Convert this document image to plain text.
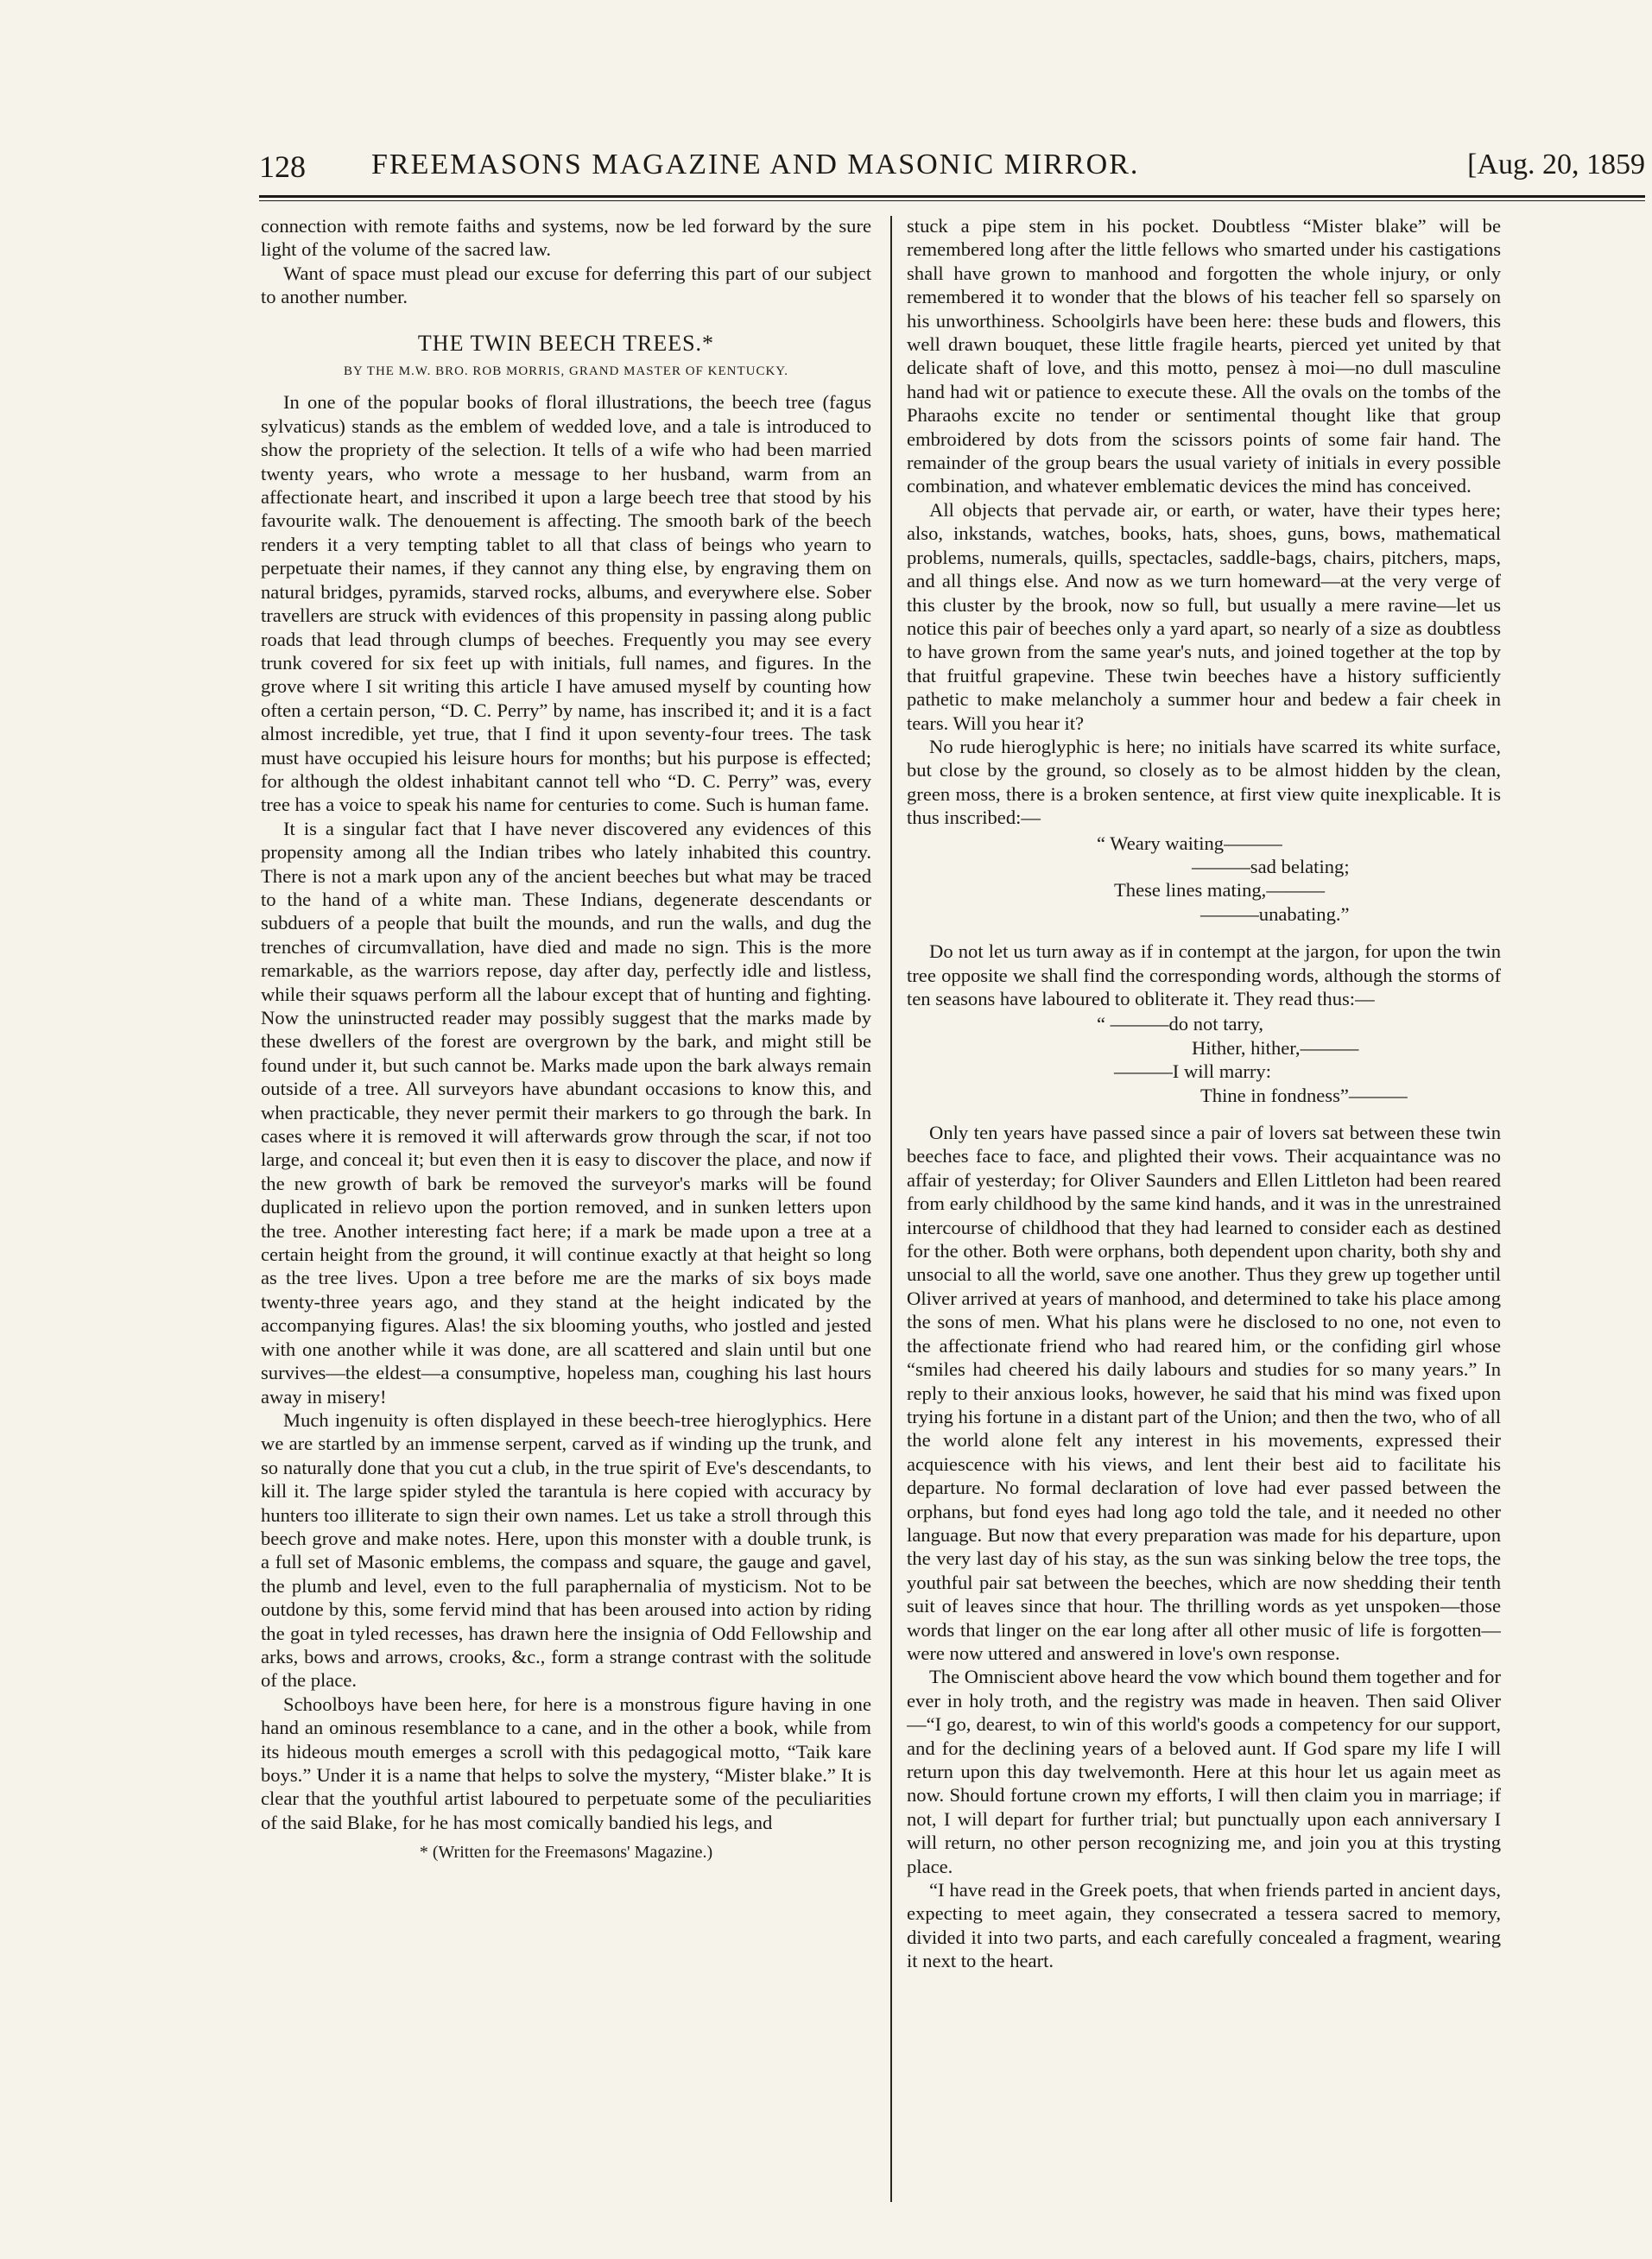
128 FREEMASONS MAGAZINE AND MASONIC MIRROR.	[Aug. 20, 1859

connection with remote faiths and systems, now be led forward by the sure light of the volume of the sacred law.

Want of space must plead our excuse for deferring this part of our subject to another number.

THE TWIN BEECH TREES.*
BY THE M.W. BRO. ROB MORRIS, GRAND MASTER OF KENTUCKY.

In one of the popular books of floral illustrations, the beech tree (fagus sylvaticus) stands as the emblem of wedded love, and a tale is introduced to show the propriety of the selection. It tells of a wife who had been married twenty years, who wrote a message to her husband, warm from an affectionate heart, and inscribed it upon a large beech tree that stood by his favourite walk. The denouement is affecting. The smooth bark of the beech renders it a very tempting tablet to all that class of beings who yearn to perpetuate their names, if they cannot any thing else, by engraving them on natural bridges, pyramids, starved rocks, albums, and everywhere else. Sober travellers are struck with evidences of this propensity in passing along public roads that lead through clumps of beeches. Frequently you may see every trunk covered for six feet up with initials, full names, and figures. In the grove where I sit writing this article I have amused myself by counting how often a certain person, “D. C. Perry” by name, has inscribed it; and it is a fact almost incredible, yet true, that I find it upon seventy-four trees. The task must have occupied his leisure hours for months; but his purpose is effected; for although the oldest inhabitant cannot tell who “D. C. Perry” was, every tree has a voice to speak his name for centuries to come. Such is human fame.

It is a singular fact that I have never discovered any evidences of this propensity among all the Indian tribes who lately inhabited this country. There is not a mark upon any of the ancient beeches but what may be traced to the hand of a white man. These Indians, degenerate descendants or subduers of a people that built the mounds, and run the walls, and dug the trenches of circumvallation, have died and made no sign. This is the more remarkable, as the warriors repose, day after day, perfectly idle and listless, while their squaws perform all the labour except that of hunting and fighting. Now the uninstructed reader may possibly suggest that the marks made by these dwellers of the forest are overgrown by the bark, and might still be found under it, but such cannot be. Marks made upon the bark always remain outside of a tree. All surveyors have abundant occasions to know this, and when practicable, they never permit their markers to go through the bark. In cases where it is removed it will afterwards grow through the scar, if not too large, and conceal it; but even then it is easy to discover the place, and now if the new growth of bark be removed the surveyor's marks will be found duplicated in relievo upon the portion removed, and in sunken letters upon the tree. Another interesting fact here; if a mark be made upon a tree at a certain height from the ground, it will continue exactly at that height so long as the tree lives. Upon a tree before me are the marks of six boys made twenty-three years ago, and they stand at the height indicated by the accompanying figures. Alas! the six blooming youths, who jostled and jested with one another while it was done, are all scattered and slain until but one survives—the eldest—a consumptive, hopeless man, coughing his last hours away in misery!

Much ingenuity is often displayed in these beech-tree hieroglyphics. Here we are startled by an immense serpent, carved as if winding up the trunk, and so naturally done that you cut a club, in the true spirit of Eve's descendants, to kill it. The large spider styled the tarantula is here copied with accuracy by hunters too illiterate to sign their own names. Let us take a stroll through this beech grove and make notes. Here, upon this monster with a double trunk, is a full set of Masonic emblems, the compass and square, the gauge and gavel, the plumb and level, even to the full paraphernalia of mysticism. Not to be outdone by this, some fervid mind that has been aroused into action by riding the goat in tyled recesses, has drawn here the insignia of Odd Fellowship and arks, bows and arrows, crooks, &c., form a strange contrast with the solitude of the place.

Schoolboys have been here, for here is a monstrous figure having in one hand an ominous resemblance to a cane, and in the other a book, while from its hideous mouth emerges a scroll with this pedagogical motto, “Taik kare boys.” Under it is a name that helps to solve the mystery, “Mister blake.” It is clear that the youthful artist laboured to perpetuate some of the peculiarities of the said Blake, for he has most comically bandied his legs, and

* (Written for the Freemasons' Magazine.)

stuck a pipe stem in his pocket. Doubtless “Mister blake” will be remembered long after the little fellows who smarted under his castigations shall have grown to manhood and forgotten the whole injury, or only remembered it to wonder that the blows of his teacher fell so sparsely on his unworthiness. Schoolgirls have been here: these buds and flowers, this well drawn bouquet, these little fragile hearts, pierced yet united by that delicate shaft of love, and this motto, pensez à moi—no dull masculine hand had wit or patience to execute these. All the ovals on the tombs of the Pharaohs excite no tender or sentimental thought like that group embroidered by dots from the scissors points of some fair hand. The remainder of the group bears the usual variety of initials in every possible combination, and whatever emblematic devices the mind has conceived.

All objects that pervade air, or earth, or water, have their types here; also, inkstands, watches, books, hats, shoes, guns, bows, mathematical problems, numerals, quills, spectacles, saddle-bags, chairs, pitchers, maps, and all things else. And now as we turn homeward—at the very verge of this cluster by the brook, now so full, but usually a mere ravine—let us notice this pair of beeches only a yard apart, so nearly of a size as doubtless to have grown from the same year's nuts, and joined together at the top by that fruitful grapevine. These twin beeches have a history sufficiently pathetic to make melancholy a summer hour and bedew a fair cheek in tears. Will you hear it?

No rude hieroglyphic is here; no initials have scarred its white surface, but close by the ground, so closely as to be almost hidden by the clean, green moss, there is a broken sentence, at first view quite inexplicable. It is thus inscribed:—

“ Weary waiting———
———sad belating;
These lines mating,———
———unabating.”

Do not let us turn away as if in contempt at the jargon, for upon the twin tree opposite we shall find the corresponding words, although the storms of ten seasons have laboured to obliterate it. They read thus:—

“ ———do not tarry,
Hither, hither,———
———I will marry:
Thine in fondness”———

Only ten years have passed since a pair of lovers sat between these twin beeches face to face, and plighted their vows. Their acquaintance was no affair of yesterday; for Oliver Saunders and Ellen Littleton had been reared from early childhood by the same kind hands, and it was in the unrestrained intercourse of childhood that they had learned to consider each as destined for the other. Both were orphans, both dependent upon charity, both shy and unsocial to all the world, save one another. Thus they grew up together until Oliver arrived at years of manhood, and determined to take his place among the sons of men. What his plans were he disclosed to no one, not even to the affectionate friend who had reared him, or the confiding girl whose “smiles had cheered his daily labours and studies for so many years.” In reply to their anxious looks, however, he said that his mind was fixed upon trying his fortune in a distant part of the Union; and then the two, who of all the world alone felt any interest in his movements, expressed their acquiescence with his views, and lent their best aid to facilitate his departure. No formal declaration of love had ever passed between the orphans, but fond eyes had long ago told the tale, and it needed no other language. But now that every preparation was made for his departure, upon the very last day of his stay, as the sun was sinking below the tree tops, the youthful pair sat between the beeches, which are now shedding their tenth suit of leaves since that hour. The thrilling words as yet unspoken—those words that linger on the ear long after all other music of life is forgotten—were now uttered and answered in love's own response.

The Omniscient above heard the vow which bound them together and for ever in holy troth, and the registry was made in heaven. Then said Oliver—“I go, dearest, to win of this world's goods a competency for our support, and for the declining years of a beloved aunt. If God spare my life I will return upon this day twelvemonth. Here at this hour let us again meet as now. Should fortune crown my efforts, I will then claim you in marriage; if not, I will depart for further trial; but punctually upon each anniversary I will return, no other person recognizing me, and join you at this trysting place.

“I have read in the Greek poets, that when friends parted in ancient days, expecting to meet again, they consecrated a tessera sacred to memory, divided it into two parts, and each carefully concealed a fragment, wearing it next to the heart.
